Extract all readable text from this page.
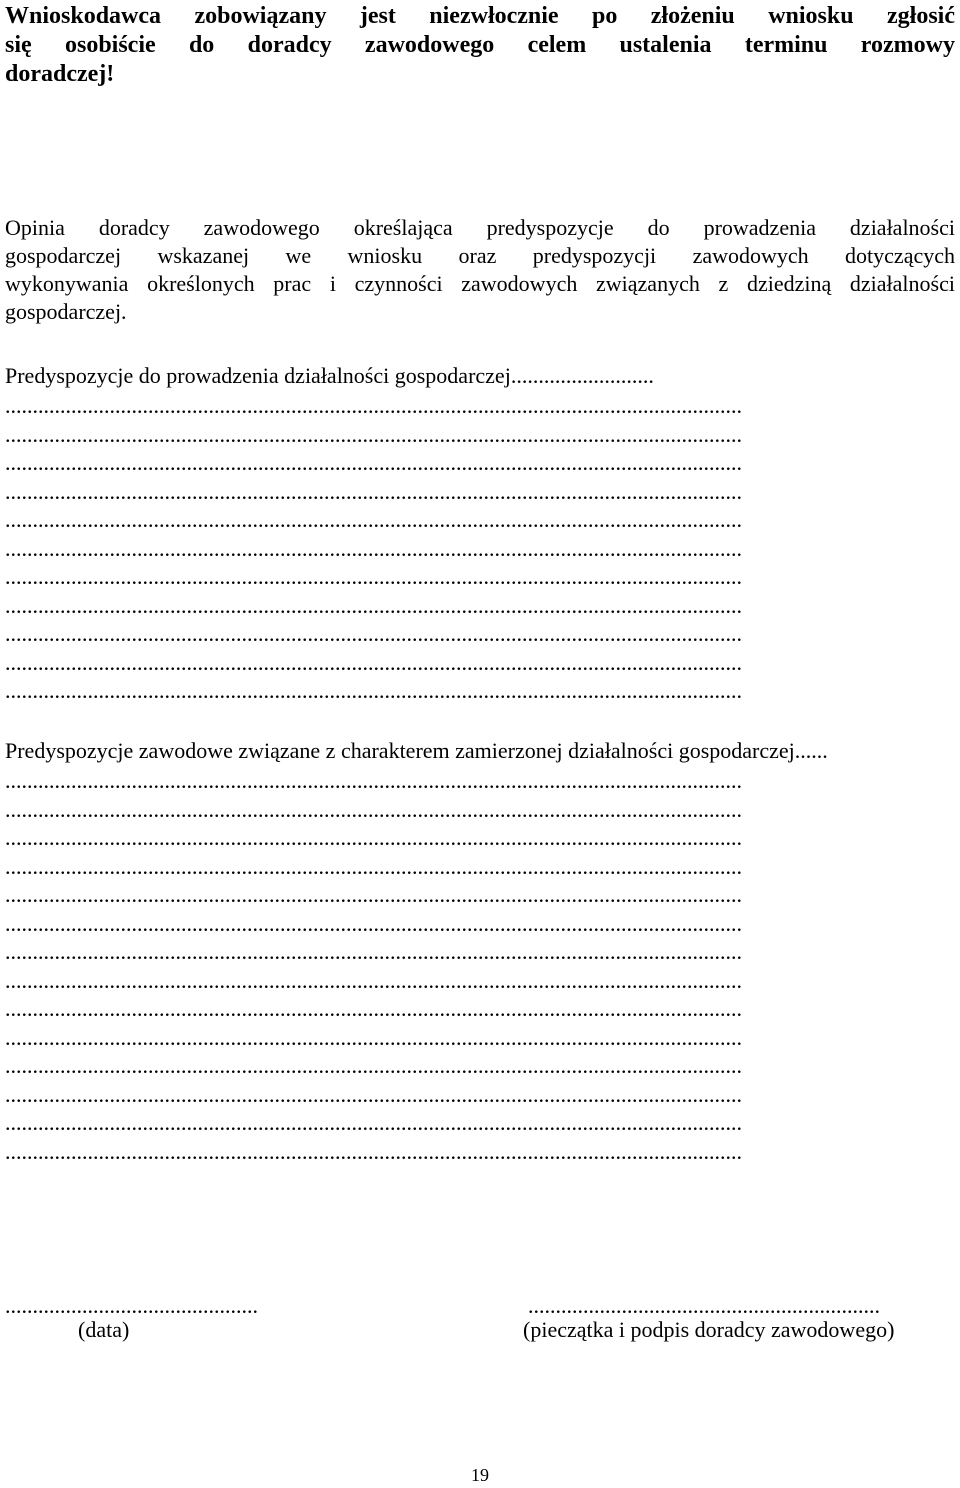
Wnioskodawca zobowiązany jest niezwłocznie po złożeniu wniosku zgłosić
się osobiście do doradcy zawodowego celem ustalenia terminu rozmowy
doradczej!
Opinia doradcy zawodowego określająca predyspozycje do prowadzenia działalności
gospodarczej wskazanej we wniosku oraz predyspozycji zawodowych dotyczących
wykonywania określonych prac i czynności zawodowych związanych z dziedziną działalności
gospodarczej.
Predyspozycje do prowadzenia działalności gospodarczej..........................
......................................................................................................................................
......................................................................................................................................
......................................................................................................................................
......................................................................................................................................
......................................................................................................................................
......................................................................................................................................
......................................................................................................................................
......................................................................................................................................
......................................................................................................................................
......................................................................................................................................
......................................................................................................................................
Predyspozycje zawodowe związane z charakterem zamierzonej działalności gospodarczej......
......................................................................................................................................
......................................................................................................................................
......................................................................................................................................
......................................................................................................................................
......................................................................................................................................
......................................................................................................................................
......................................................................................................................................
......................................................................................................................................
......................................................................................................................................
......................................................................................................................................
......................................................................................................................................
......................................................................................................................................
......................................................................................................................................
......................................................................................................................................
..............................................
(data)
................................................................
(pieczątka i podpis doradcy zawodowego)
19
